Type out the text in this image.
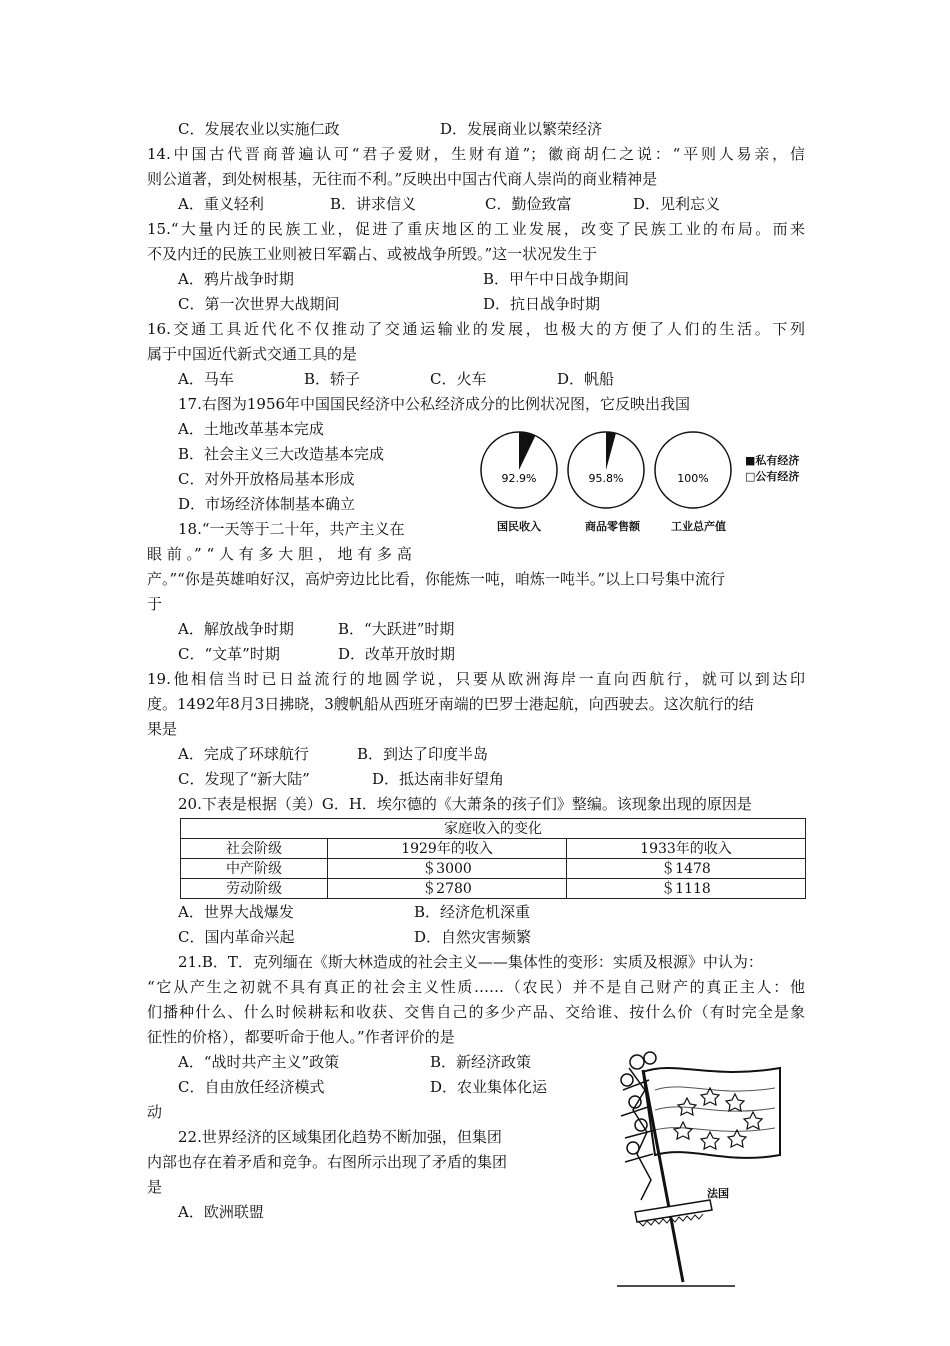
C．发展农业以实施仁政	D．发展商业以繁荣经济
14.中国古代晋商普遍认可“君子爱财，生财有道”；徽商胡仁之说：“平则人易亲，信
则公道著，到处树根基，无往而不利。”反映出中国古代商人崇尚的商业精神是
A．重义轻利	B．讲求信义	C．勤俭致富	D．见利忘义
15.“大量内迁的民族工业，促进了重庆地区的工业发展，改变了民族工业的布局。而来
不及内迁的民族工业则被日军霸占、或被战争所毁。”这一状况发生于
A．鸦片战争时期	B．甲午中日战争期间
C．第一次世界大战期间	D．抗日战争时期
16.交通工具近代化不仅推动了交通运输业的发展，也极大的方便了人们的生活。下列
属于中国近代新式交通工具的是
A．马车	B．轿子	C．火车	D．帆船
17.右图为1956年中国国民经济中公私经济成分的比例状况图，它反映出我国
A．土地改革基本完成
B．社会主义三大改造基本完成
C．对外开放格局基本形成
D．市场经济体制基本确立
92.9%	95.8%	100%
■私有经济
□公有经济
国民收入	商品零售额	工业总产值
18.“一天等于二十年，共产主义在
眼 前 。” “ 人 有 多 大 胆 ， 地 有 多 高
产。”“你是英雄咱好汉，高炉旁边比比看，你能炼一吨，咱炼一吨半。”以上口号集中流行
于
A．解放战争时期	B．“大跃进”时期
C．“文革”时期	D．改革开放时期
19.他相信当时已日益流行的地圆学说，只要从欧洲海岸一直向西航行，就可以到达印
度。1492年8月3日拂晓，3艘帆船从西班牙南端的巴罗士港起航，向西驶去。这次航行的结
果是
A．完成了环球航行	B．到达了印度半岛
C．发现了“新大陆”	D．抵达南非好望角
20.下表是根据（美）G．H．埃尔德的《大萧条的孩子们》整编。该现象出现的原因是
家庭收入的变化		
社会阶级	1929年的收入	1933年的收入
中产阶级	＄3000	＄1478
劳动阶级	＄2780	＄1118
A．世界大战爆发	B．经济危机深重
C．国内革命兴起	D．自然灾害频繁
21.B．T．克列缅在《斯大林造成的社会主义——集体性的变形：实质及根源》中认为：
“它从产生之初就不具有真正的社会主义性质……（农民）并不是自己财产的真正主人：他
们播种什么、什么时候耕耘和收获、交售自己的多少产品、交给谁、按什么价（有时完全是象
征性的价格），都要听命于他人。”作者评价的是
A．“战时共产主义”政策	B．新经济政策
C．自由放任经济模式	D．农业集体化运
动
22.世界经济的区域集团化趋势不断加强，但集团
内部也存在着矛盾和竞争。右图所示出现了矛盾的集团
是
A．欧洲联盟
法国
